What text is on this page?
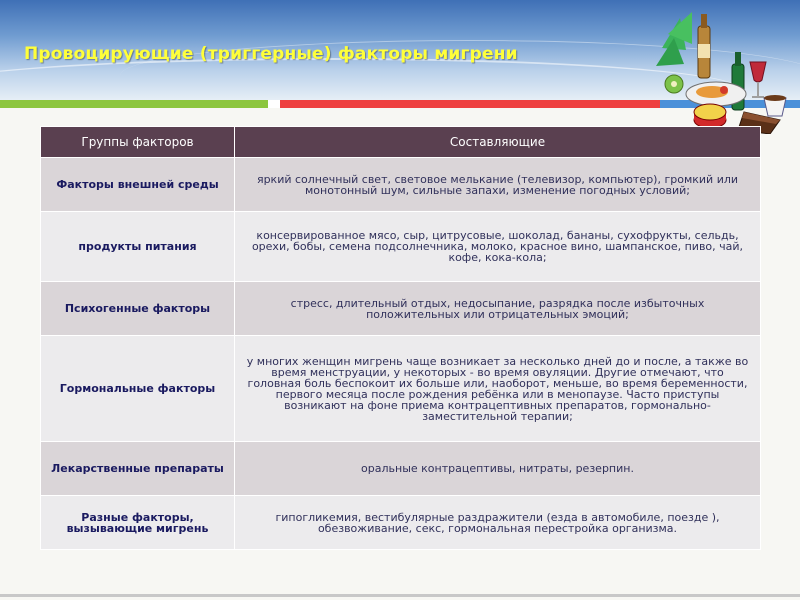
Провоцирующие (триггерные) факторы мигрени
Группы факторов	Составляющие
Факторы внешней среды	яркий солнечный свет, световое мелькание (телевизор, компьютер), громкий или монотонный шум, сильные запахи, изменение погодных условий;
продукты питания	консервированное мясо, сыр, цитрусовые, шоколад, бананы, сухофрукты, сельдь, орехи, бобы, семена подсолнечника, молоко, красное вино, шампанское, пиво, чай, кофе, кока-кола;
Психогенные факторы	стресс, длительный отдых, недосыпание, разрядка после избыточных положительных или отрицательных эмоций;
Гормональные факторы	у многих женщин мигрень чаще возникает за несколько дней до и после, а также во время менструации, у некоторых - во время овуляции. Другие отмечают, что головная боль беспокоит их больше или, наоборот, меньше, во время беременности, первого месяца после рождения ребёнка или в менопаузе. Часто приступы возникают на фоне приема контрацептивных препаратов, гормонально-заместительной терапии;
Лекарственные препараты	оральные контрацептивы, нитраты, резерпин.
Разные факторы, вызывающие мигрень	гипогликемия, вестибулярные раздражители (езда в автомобиле, поезде ), обезвоживание, секс, гормональная перестройка организма.
